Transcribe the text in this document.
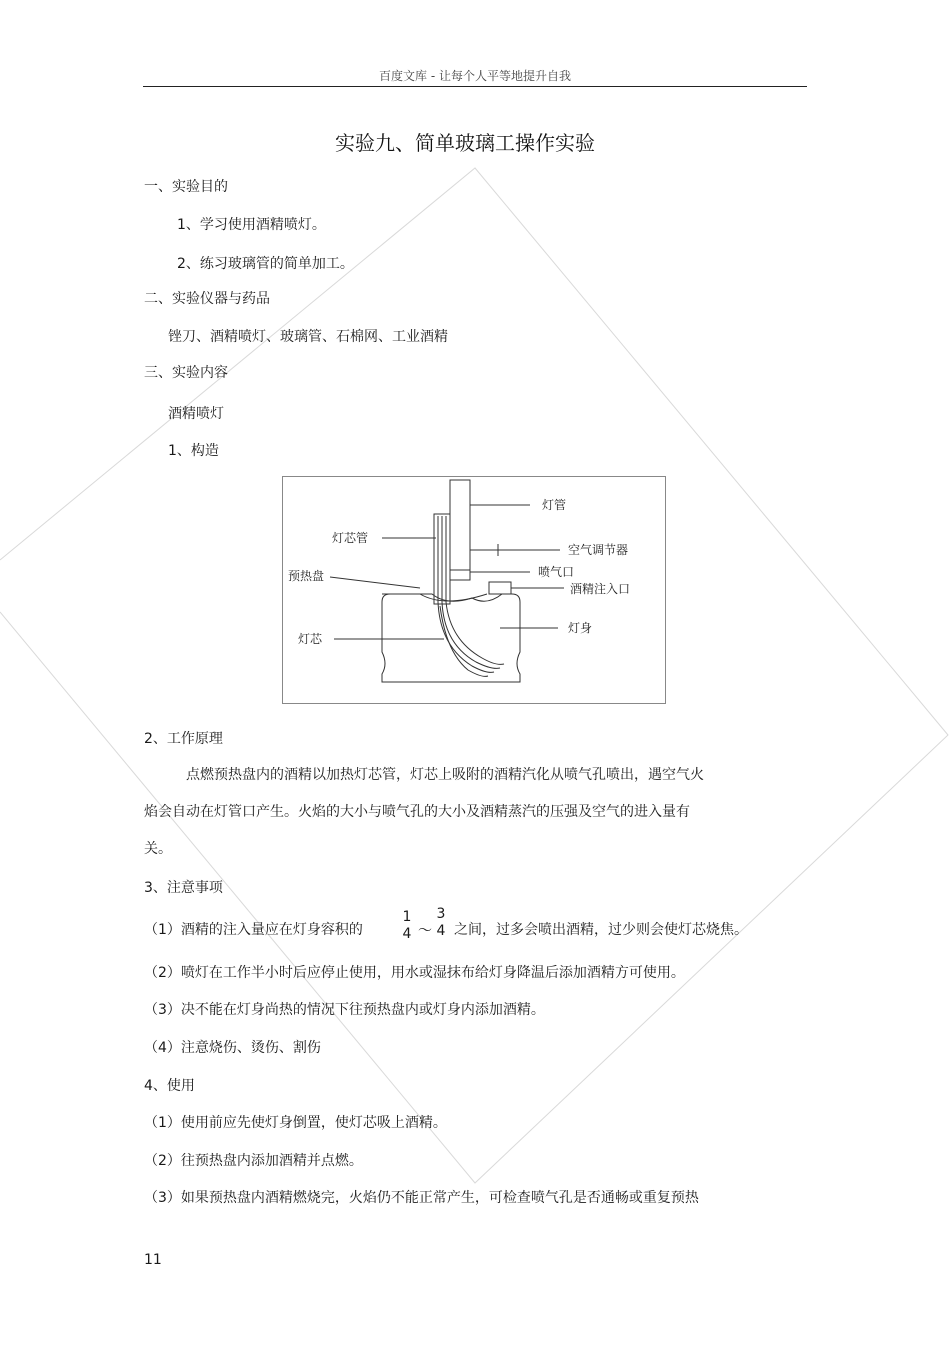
百度文库 - 让每个人平等地提升自我
实验九、简单玻璃工操作实验
一、实验目的
1、学习使用酒精喷灯。
2、练习玻璃管的简单加工。
二、实验仪器与药品
锉刀、酒精喷灯、玻璃管、石棉网、工业酒精
三、实验内容
酒精喷灯
1、构造
灯管
灯芯管
空气调节器
预热盘	喷气口
酒精注入口
灯身
灯芯
2、工作原理
点燃预热盘内的酒精以加热灯芯管，灯芯上吸附的酒精汽化从喷气孔喷出，遇空气火
焰会自动在灯管口产生。火焰的大小与喷气孔的大小及酒精蒸汽的压强及空气的进入量有
关。
3、注意事项
（1）酒精的注入量应在灯身容积的
1
4 ～
3
4 之间，过多会喷出酒精，过少则会使灯芯烧焦。
（2）喷灯在工作半小时后应停止使用，用水或湿抹布给灯身降温后添加酒精方可使用。
（3）决不能在灯身尚热的情况下往预热盘内或灯身内添加酒精。
（4）注意烧伤、烫伤、割伤
4、使用
（1）使用前应先使灯身倒置，使灯芯吸上酒精。
（2）往预热盘内添加酒精并点燃。
（3）如果预热盘内酒精燃烧完，火焰仍不能正常产生，可检查喷气孔是否通畅或重复预热
11
